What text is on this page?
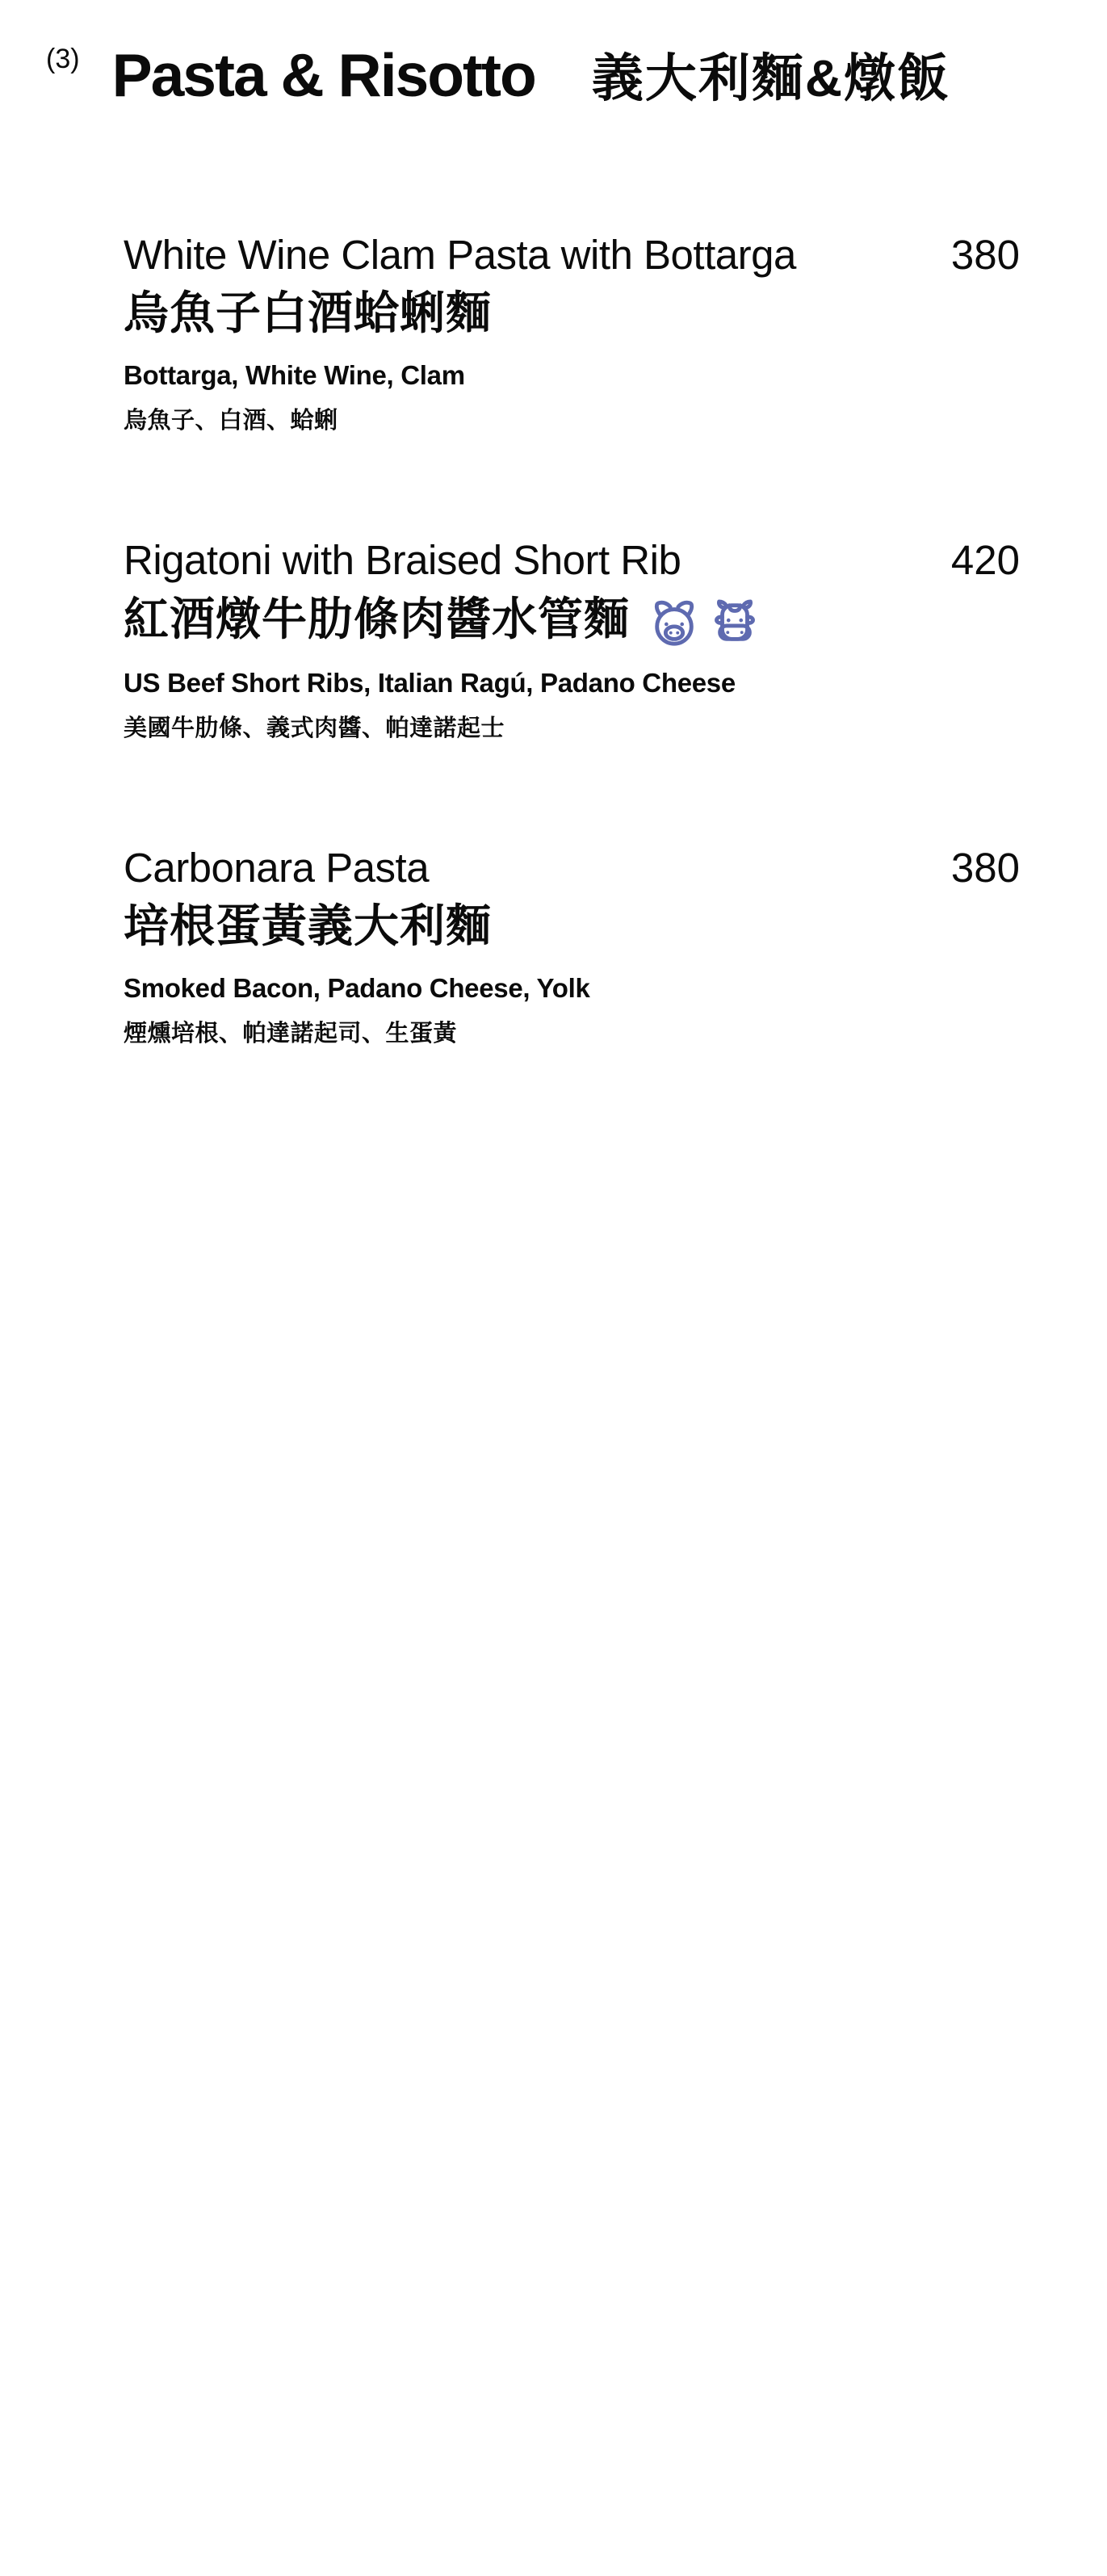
(3) Pasta & Risotto 義大利麵&燉飯
White Wine Clam Pasta with Bottarga	380
烏魚子白酒蛤蜊麵
Bottarga, White Wine, Clam
烏魚子、白酒、蛤蜊
Rigatoni with Braised Short Rib	420
紅酒燉牛肋條肉醬水管麵
US Beef Short Ribs, Italian Ragú, Padano Cheese
美國牛肋條、義式肉醬、帕達諾起士
Carbonara Pasta	380
培根蛋黃義大利麵
Smoked Bacon, Padano Cheese, Yolk
煙燻培根、帕達諾起司、生蛋黃
